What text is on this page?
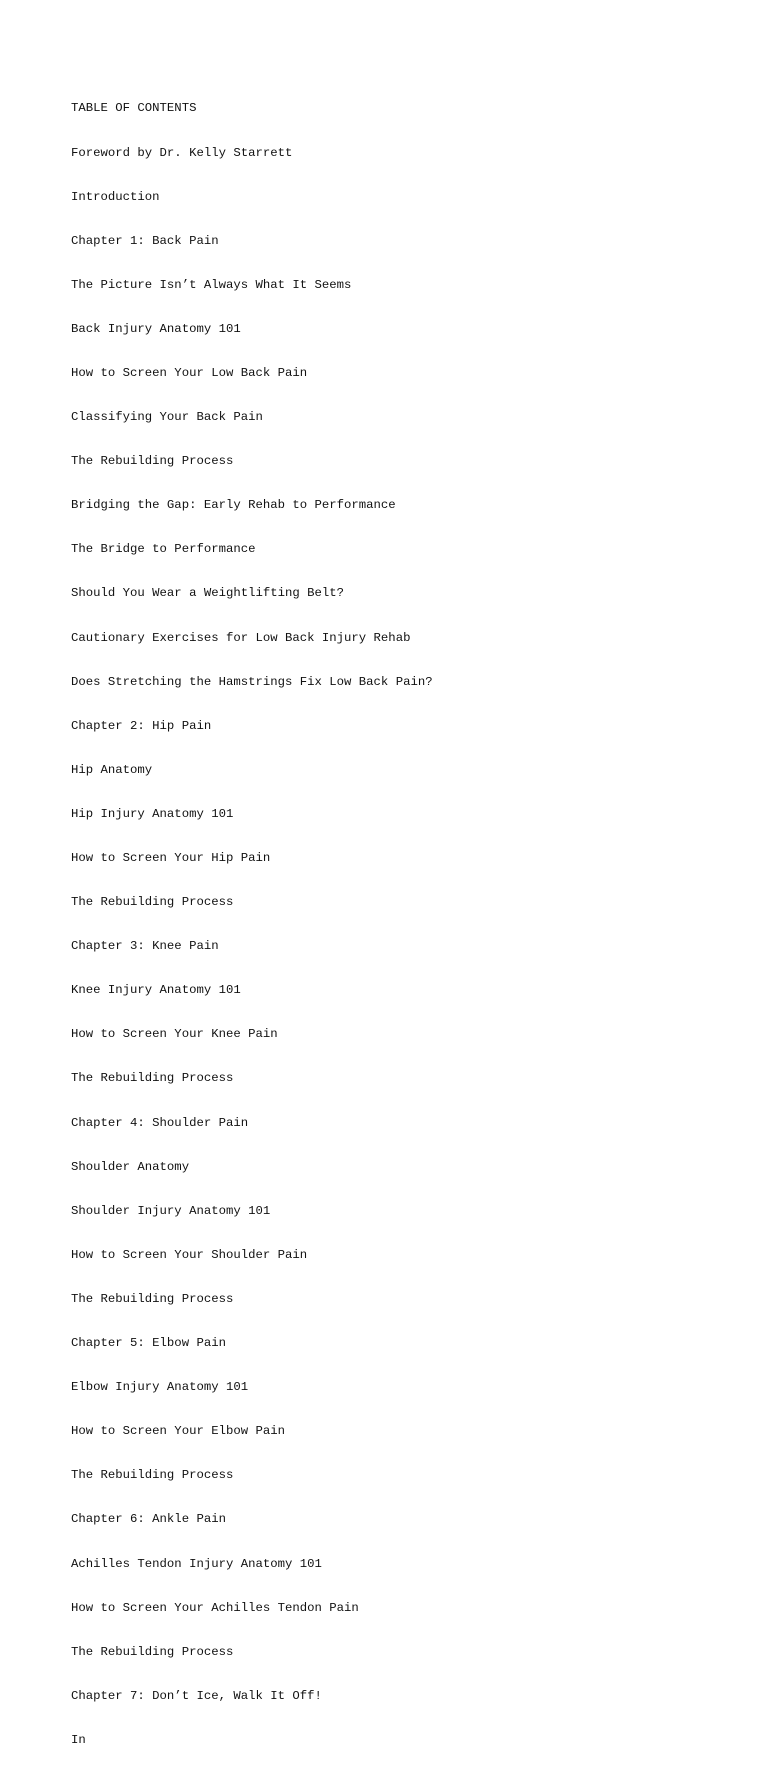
TABLE OF CONTENTS

Foreword by Dr. Kelly Starrett

Introduction

Chapter 1: Back Pain

The Picture Isn’t Always What It Seems

Back Injury Anatomy 101

How to Screen Your Low Back Pain

Classifying Your Back Pain

The Rebuilding Process

Bridging the Gap: Early Rehab to Performance

The Bridge to Performance

Should You Wear a Weightlifting Belt?

Cautionary Exercises for Low Back Injury Rehab

Does Stretching the Hamstrings Fix Low Back Pain?

Chapter 2: Hip Pain

Hip Anatomy

Hip Injury Anatomy 101

How to Screen Your Hip Pain

The Rebuilding Process

Chapter 3: Knee Pain

Knee Injury Anatomy 101

How to Screen Your Knee Pain

The Rebuilding Process

Chapter 4: Shoulder Pain

Shoulder Anatomy

Shoulder Injury Anatomy 101

How to Screen Your Shoulder Pain

The Rebuilding Process

Chapter 5: Elbow Pain

Elbow Injury Anatomy 101

How to Screen Your Elbow Pain

The Rebuilding Process

Chapter 6: Ankle Pain

Achilles Tendon Injury Anatomy 101

How to Screen Your Achilles Tendon Pain

The Rebuilding Process

Chapter 7: Don’t Ice, Walk It Off!

In
